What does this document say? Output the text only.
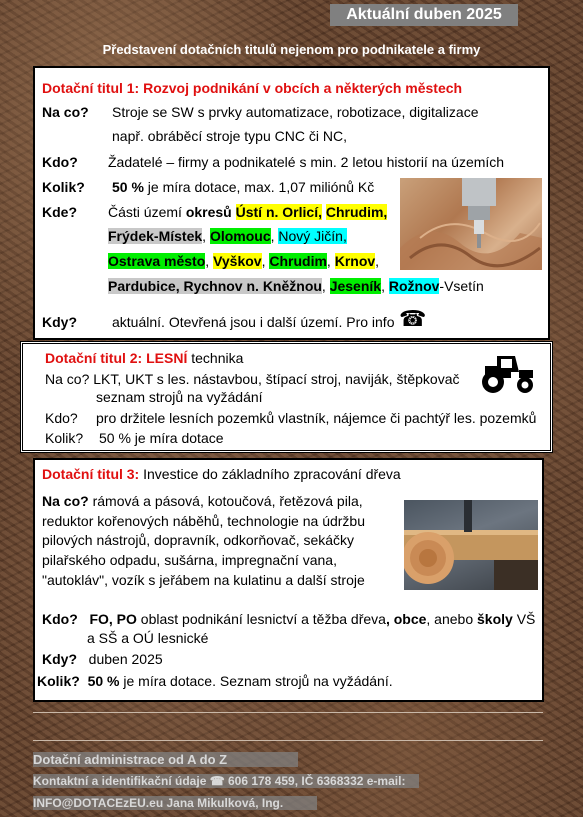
Aktuální duben 2025
Představení dotačních titulů nejenom pro podnikatele a firmy
Dotační titul 1: Rozvoj podnikání v obcích a některých městech
Na co? Stroje se SW s prvky automatizace, robotizace, digitalizace
např. obráběcí stroje typu CNC či NC,
Kdo? Žadatelé – firmy a podnikatelé s min. 2 letou historií na územích
Kolik? 50 % je míra dotace, max. 1,07 miliónů Kč
Kde? Části území okresů Ústí n. Orlicí, Chrudim,
Frýdek-Místek, Olomouc, Nový Jičín,
Ostrava město, Vyškov, Chrudim, Krnov,
Pardubice, Rychnov n. Kněžnou, Jeseník, Rožnov-Vsetín
Kdy?	aktuální. Otevřená jsou i další území. Pro info ☎
Dotační titul 2: LESNÍ technika
Na co? LKT, UKT s les. nástavbou, štípací stroj, naviják, štěpkovač
seznam strojů na vyžádání
Kdo? pro držitele lesních pozemků vlastník, nájemce či pachtýř les. pozemků
Kolik? 50 % je míra dotace
Dotační titul 3: Investice do základního zpracování dřeva
Na co? rámová a pásová, kotoučová, řetězová pila,
reduktor kořenových náběhů, technologie na údržbu
pilových nástrojů, dopravník, odkorňovač, sekáčky
pilařského odpadu, sušárna, impregnační vana,
"autokláv", vozík s jeřábem na kulatinu a další stroje
Kdo? FO, PO oblast podnikání lesnictví a těžba dřeva, obce, anebo školy VŠ
a SŠ a OÚ lesnické
Kdy? duben 2025
Kolik? 50 % je míra dotace. Seznam strojů na vyžádání.
Dotační administrace od A do Z
Kontaktní a identifikační údaje ☎ 606 178 459, IČ 6368332 e-mail:
INFO@DOTACEzEU.eu Jana Mikulková, Ing.
